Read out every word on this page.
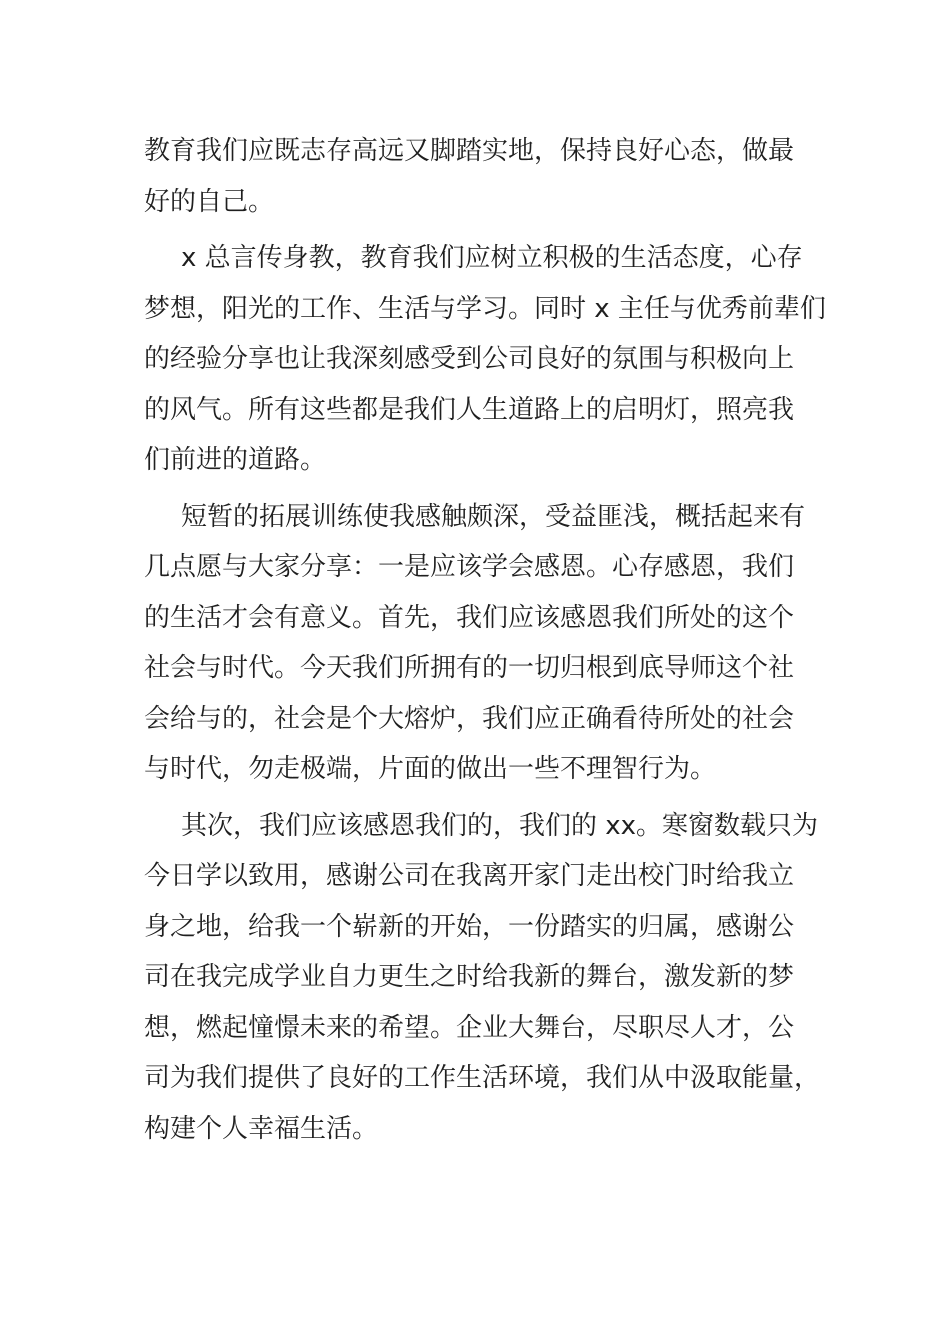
教育我们应既志存高远又脚踏实地，保持良好心态，做最
好的自己。

x 总言传身教，教育我们应树立积极的生活态度，心存
梦想，阳光的工作、生活与学习。同时 x 主任与优秀前辈们
的经验分享也让我深刻感受到公司良好的氛围与积极向上
的风气。所有这些都是我们人生道路上的启明灯，照亮我
们前进的道路。

短暂的拓展训练使我感触颇深，受益匪浅，概括起来有
几点愿与大家分享：一是应该学会感恩。心存感恩，我们
的生活才会有意义。首先，我们应该感恩我们所处的这个
社会与时代。今天我们所拥有的一切归根到底导师这个社
会给与的，社会是个大熔炉，我们应正确看待所处的社会
与时代，勿走极端，片面的做出一些不理智行为。

其次，我们应该感恩我们的，我们的 xx。寒窗数载只为
今日学以致用，感谢公司在我离开家门走出校门时给我立
身之地，给我一个崭新的开始，一份踏实的归属，感谢公
司在我完成学业自力更生之时给我新的舞台，激发新的梦
想，燃起憧憬未来的希望。企业大舞台，尽职尽人才，公
司为我们提供了良好的工作生活环境，我们从中汲取能量，
构建个人幸福生活。
